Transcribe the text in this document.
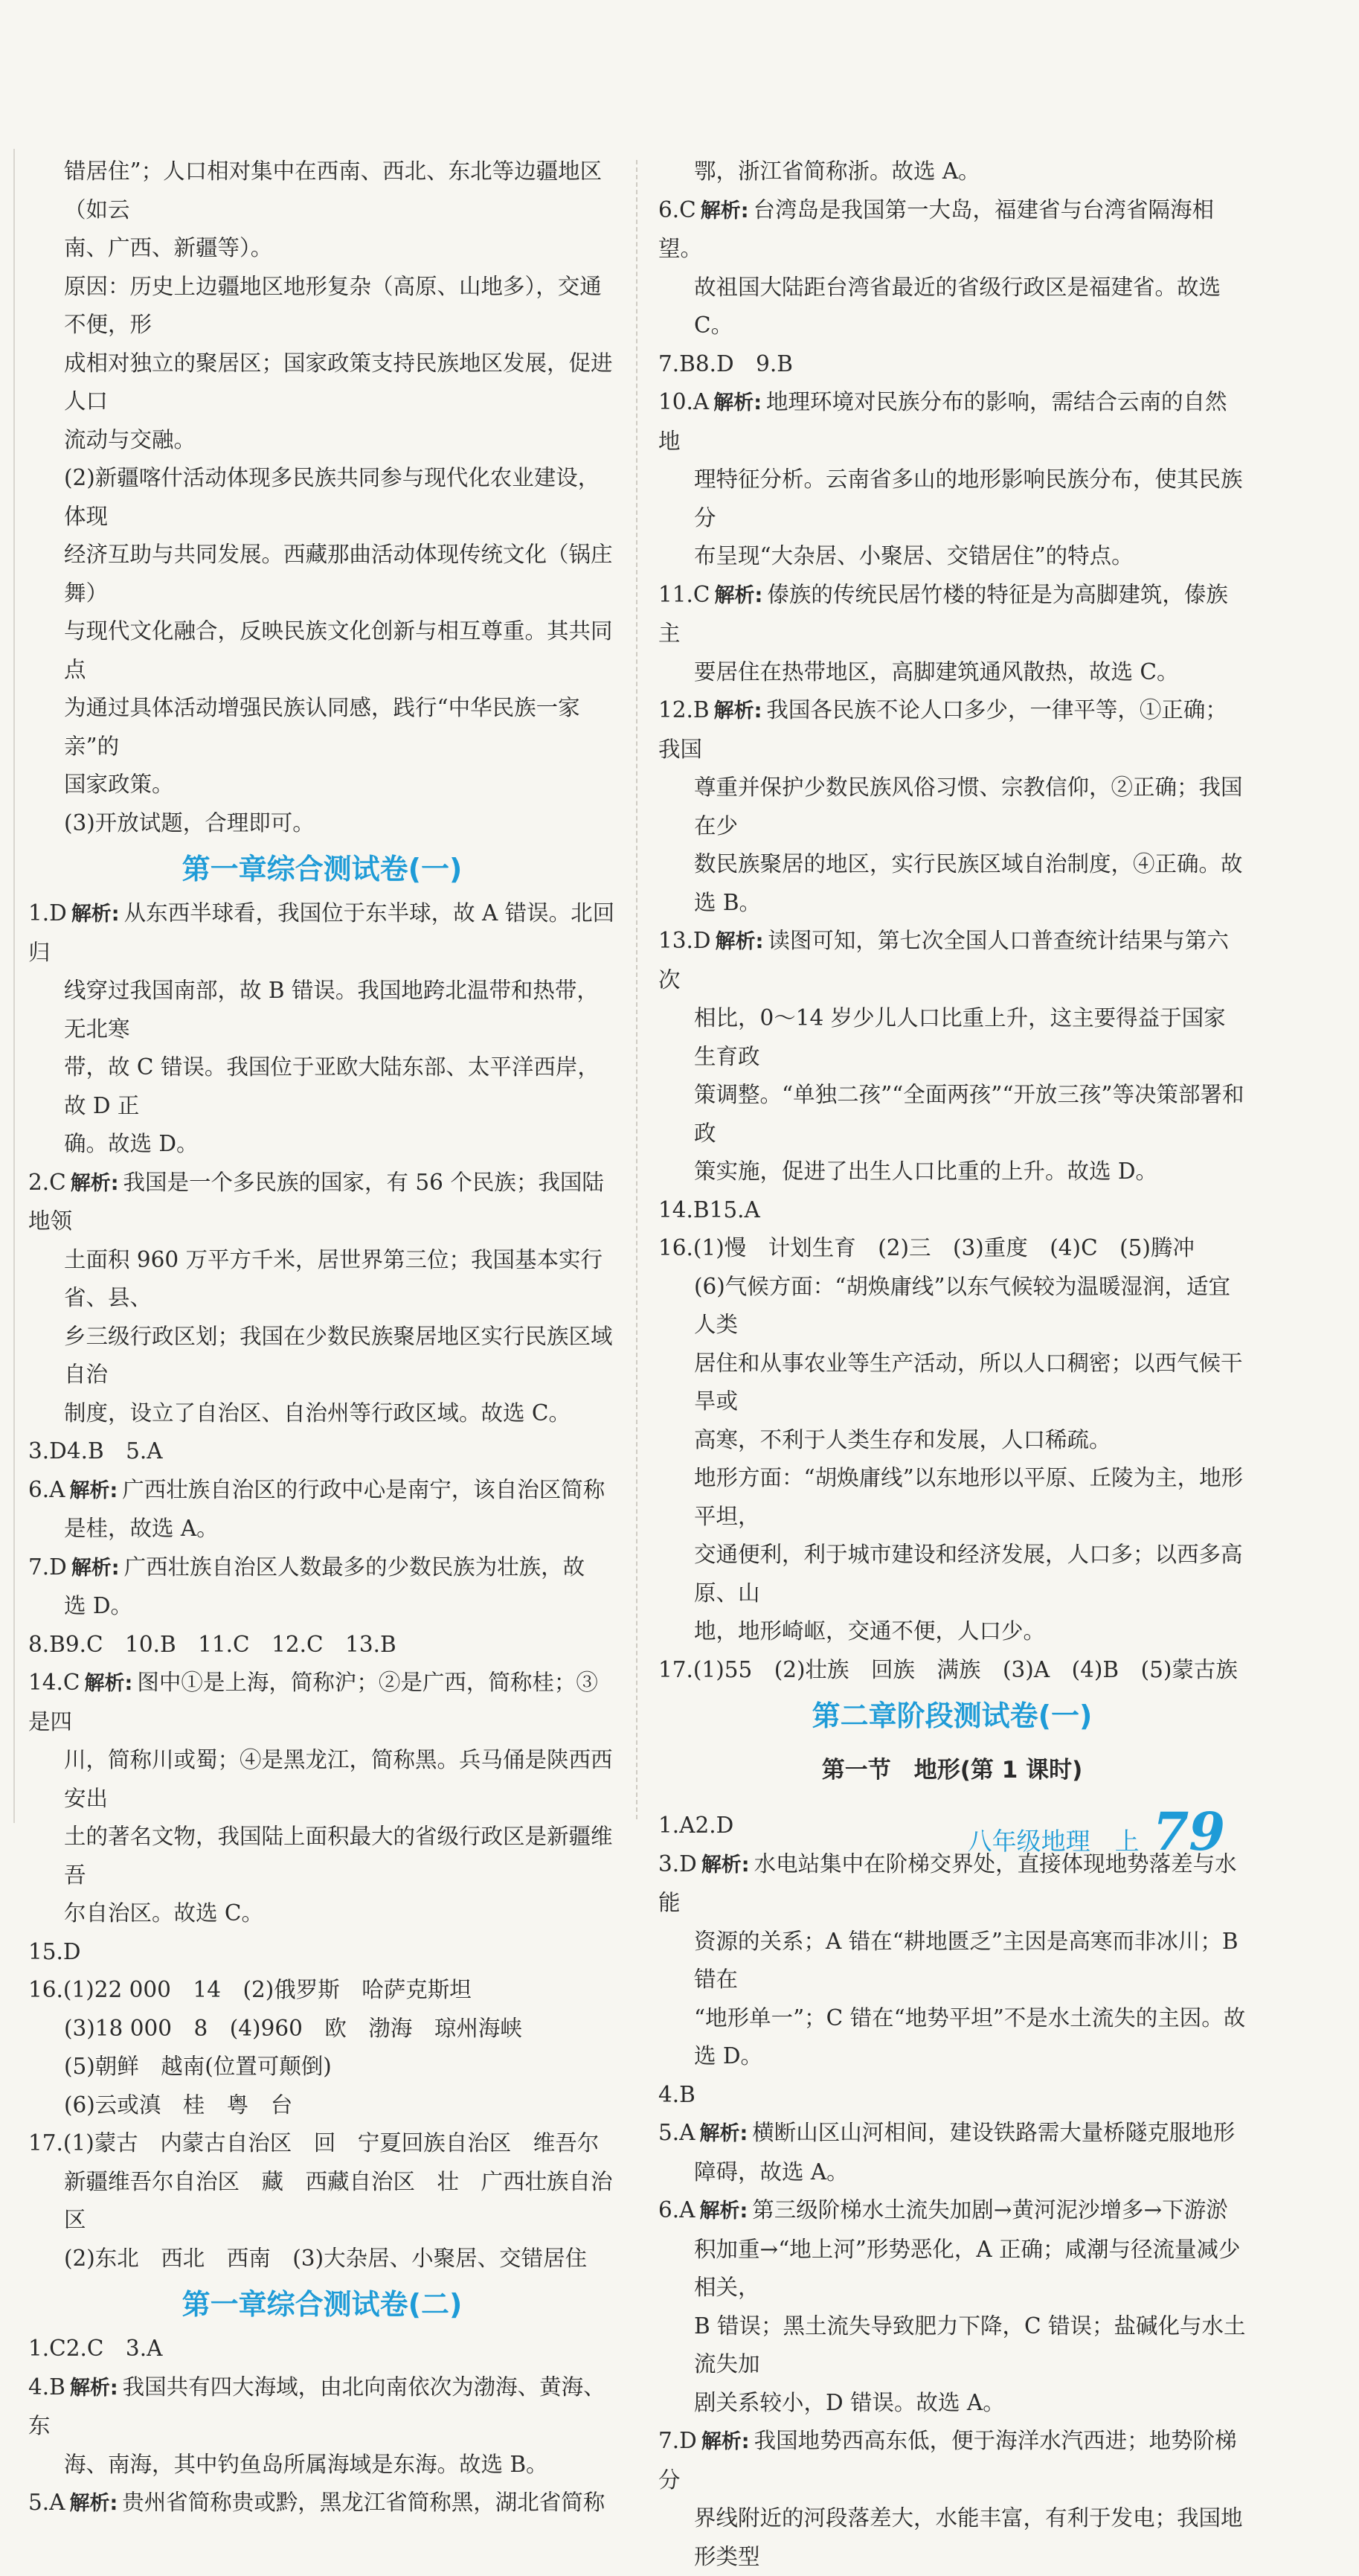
错居住”；人口相对集中在西南、西北、东北等边疆地区（如云

南、广西、新疆等）。

原因：历史上边疆地区地形复杂（高原、山地多），交通不便，形

成相对独立的聚居区；国家政策支持民族地区发展，促进人口

流动与交融。

(2)新疆喀什活动体现多民族共同参与现代化农业建设，体现

经济互助与共同发展。西藏那曲活动体现传统文化（锅庄舞）

与现代文化融合，反映民族文化创新与相互尊重。其共同点

为通过具体活动增强民族认同感，践行“中华民族一家亲”的

国家政策。

(3)开放试题，合理即可。

第一章综合测试卷(一)

1.D 解析: 从东西半球看，我国位于东半球，故 A 错误。北回归

线穿过我国南部，故 B 错误。我国地跨北温带和热带，无北寒

带，故 C 错误。我国位于亚欧大陆东部、太平洋西岸，故 D 正

确。故选 D。

2.C 解析: 我国是一个多民族的国家，有 56 个民族；我国陆地领

土面积 960 万平方千米，居世界第三位；我国基本实行省、县、

乡三级行政区划；我国在少数民族聚居地区实行民族区域自治

制度，设立了自治区、自治州等行政区域。故选 C。

3.D4.B　5.A

6.A 解析: 广西壮族自治区的行政中心是南宁，该自治区简称

是桂，故选 A。

7.D 解析: 广西壮族自治区人数最多的少数民族为壮族，故

选 D。

8.B9.C　10.B　11.C　12.C　13.B

14.C 解析: 图中①是上海，简称沪；②是广西，简称桂；③是四

川，简称川或蜀；④是黑龙江，简称黑。兵马俑是陕西西安出

土的著名文物，我国陆上面积最大的省级行政区是新疆维吾

尔自治区。故选 C。

15.D

16.(1)22 000　14　(2)俄罗斯　哈萨克斯坦

(3)18 000　8　(4)960　欧　渤海　琼州海峡

(5)朝鲜　越南(位置可颠倒)

(6)云或滇　桂　粤　台

17.(1)蒙古　内蒙古自治区　回　宁夏回族自治区　维吾尔

新疆维吾尔自治区　藏　西藏自治区　壮　广西壮族自治区

(2)东北　西北　西南　(3)大杂居、小聚居、交错居住

第一章综合测试卷(二)

1.C2.C　3.A

4.B 解析: 我国共有四大海域，由北向南依次为渤海、黄海、东

海、南海，其中钓鱼岛所属海域是东海。故选 B。

5.A 解析: 贵州省简称贵或黔，黑龙江省简称黑，湖北省简称

鄂，浙江省简称浙。故选 A。

6.C 解析: 台湾岛是我国第一大岛，福建省与台湾省隔海相望。

故祖国大陆距台湾省最近的省级行政区是福建省。故选 C。

7.B8.D　9.B

10.A 解析: 地理环境对民族分布的影响，需结合云南的自然地

理特征分析。云南省多山的地形影响民族分布，使其民族分

布呈现“大杂居、小聚居、交错居住”的特点。

11.C 解析: 傣族的传统民居竹楼的特征是为高脚建筑，傣族主

要居住在热带地区，高脚建筑通风散热，故选 C。

12.B 解析: 我国各民族不论人口多少，一律平等，①正确；我国

尊重并保护少数民族风俗习惯、宗教信仰，②正确；我国在少

数民族聚居的地区，实行民族区域自治制度，④正确。故

选 B。

13.D 解析: 读图可知，第七次全国人口普查统计结果与第六次

相比，0～14 岁少儿人口比重上升，这主要得益于国家生育政

策调整。“单独二孩”“全面两孩”“开放三孩”等决策部署和政

策实施，促进了出生人口比重的上升。故选 D。

14.B15.A

16.(1)慢　计划生育　(2)三　(3)重度　(4)C　(5)腾冲

(6)气候方面：“胡焕庸线”以东气候较为温暖湿润，适宜人类

居住和从事农业等生产活动，所以人口稠密；以西气候干旱或

高寒，不利于人类生存和发展，人口稀疏。

地形方面：“胡焕庸线”以东地形以平原、丘陵为主，地形平坦，

交通便利，利于城市建设和经济发展，人口多；以西多高原、山

地，地形崎岖，交通不便，人口少。

17.(1)55　(2)壮族　回族　满族　(3)A　(4)B　(5)蒙古族

第二章阶段测试卷(一)
第一节　地形(第 1 课时)

1.A2.D

3.D 解析: 水电站集中在阶梯交界处，直接体现地势落差与水能

资源的关系；A 错在“耕地匮乏”主因是高寒而非冰川；B 错在

“地形单一”；C 错在“地势平坦”不是水土流失的主因。故

选 D。

4.B

5.A 解析: 横断山区山河相间，建设铁路需大量桥隧克服地形

障碍，故选 A。

6.A 解析: 第三级阶梯水土流失加剧→黄河泥沙增多→下游淤

积加重→“地上河”形势恶化，A 正确；咸潮与径流量减少相关，

B 错误；黑土流失导致肥力下降，C 错误；盐碱化与水土流失加

剧关系较小，D 错误。故选 A。

7.D 解析: 我国地势西高东低，便于海洋水汽西进；地势阶梯分

界线附近的河段落差大，水能丰富，有利于发电；我国地形类型

八年级地理　上 79
